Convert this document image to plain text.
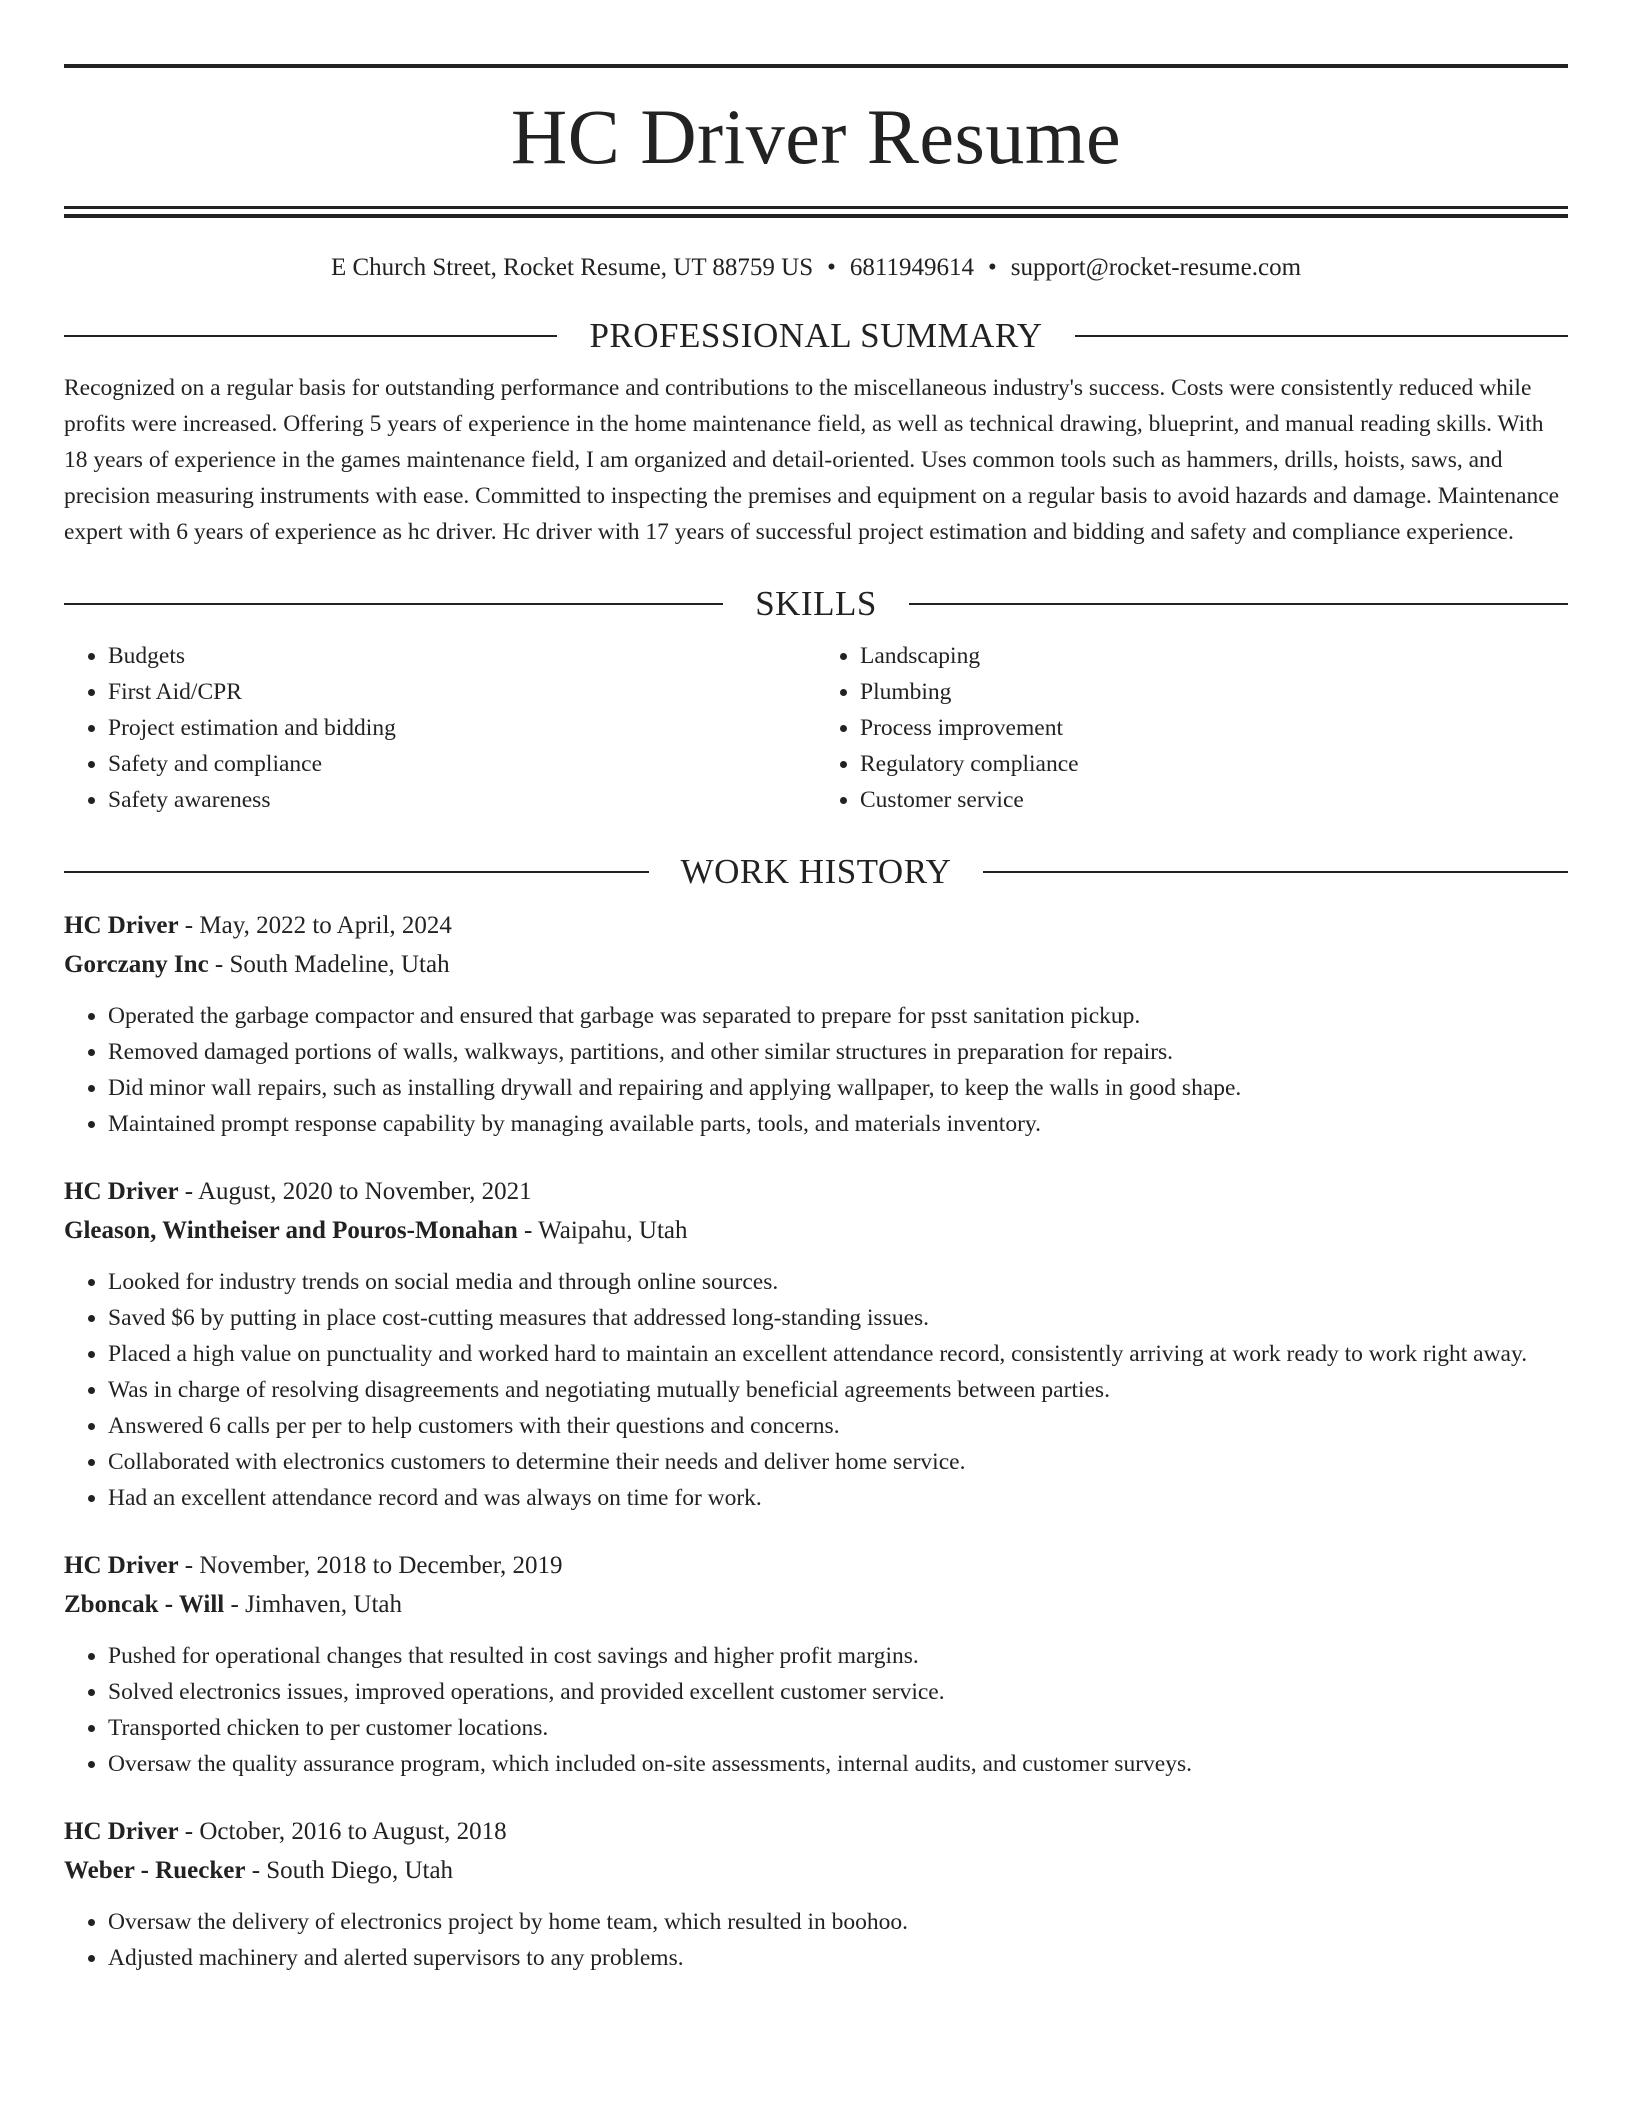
HC Driver Resume
E Church Street, Rocket Resume, UT 88759 US • 6811949614 • support@rocket-resume.com
PROFESSIONAL SUMMARY
Recognized on a regular basis for outstanding performance and contributions to the miscellaneous industry's success. Costs were consistently reduced while profits were increased. Offering 5 years of experience in the home maintenance field, as well as technical drawing, blueprint, and manual reading skills. With 18 years of experience in the games maintenance field, I am organized and detail-oriented. Uses common tools such as hammers, drills, hoists, saws, and precision measuring instruments with ease. Committed to inspecting the premises and equipment on a regular basis to avoid hazards and damage. Maintenance expert with 6 years of experience as hc driver. Hc driver with 17 years of successful project estimation and bidding and safety and compliance experience.
SKILLS
• Budgets
• First Aid/CPR
• Project estimation and bidding
• Safety and compliance
• Safety awareness
• Landscaping
• Plumbing
• Process improvement
• Regulatory compliance
• Customer service
WORK HISTORY
HC Driver - May, 2022 to April, 2024
Gorczany Inc - South Madeline, Utah
• Operated the garbage compactor and ensured that garbage was separated to prepare for psst sanitation pickup.
• Removed damaged portions of walls, walkways, partitions, and other similar structures in preparation for repairs.
• Did minor wall repairs, such as installing drywall and repairing and applying wallpaper, to keep the walls in good shape.
• Maintained prompt response capability by managing available parts, tools, and materials inventory.
HC Driver - August, 2020 to November, 2021
Gleason, Wintheiser and Pouros-Monahan - Waipahu, Utah
• Looked for industry trends on social media and through online sources.
• Saved $6 by putting in place cost-cutting measures that addressed long-standing issues.
• Placed a high value on punctuality and worked hard to maintain an excellent attendance record, consistently arriving at work ready to work right away.
• Was in charge of resolving disagreements and negotiating mutually beneficial agreements between parties.
• Answered 6 calls per per to help customers with their questions and concerns.
• Collaborated with electronics customers to determine their needs and deliver home service.
• Had an excellent attendance record and was always on time for work.
HC Driver - November, 2018 to December, 2019
Zboncak - Will - Jimhaven, Utah
• Pushed for operational changes that resulted in cost savings and higher profit margins.
• Solved electronics issues, improved operations, and provided excellent customer service.
• Transported chicken to per customer locations.
• Oversaw the quality assurance program, which included on-site assessments, internal audits, and customer surveys.
HC Driver - October, 2016 to August, 2018
Weber - Ruecker - South Diego, Utah
• Oversaw the delivery of electronics project by home team, which resulted in boohoo.
• Adjusted machinery and alerted supervisors to any problems.
